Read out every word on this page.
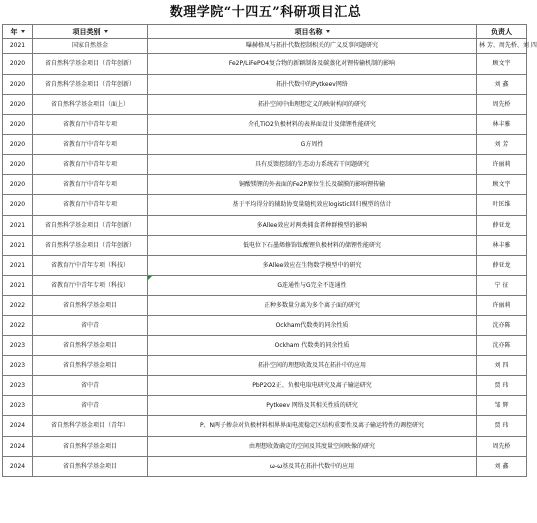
数理学院“十四五”科研项目汇总
年	项目类别	项目名称	负责人
2021	国家自然基金	曝赫格凤与拓扑代数控制相关的广义反事问题研究	林 芳、周先桥、刘 四
2020	省自然科学基金项目（青年创新）	Fe2P/LiFePO4复合物的新颖制备及碳蒸化对锂传输机制的影响	顾文宇
2020	省自然科学基金项目（青年创新）	拓扑代数中的Pytkeev网络	刘 鑫
2020	省自然科学基金项目（面上）	拓扑空间中曲理想定义的映射构问的研究	周先桥
2020	省教育厅中青年专项	介孔TiO2负极材料的表界面设计及储锂性能研究	林丰雅
2020	省教育厅中青年专项	G方周性	刘 芳
2020	省教育厅中青年专项	具有反馈控制的生态动力系统若干问题研究	许丽莉
2020	省教育厅中青年专项	铜酸镁锂的外表面的Fe2P原位生长及碳膜的影响锂传输	顾文宇
2020	省教育厅中青年专项	基于平均得分的辅助协变量随机效应logistic回归模型的估计	叶匡维
2021	省自然科学基金项目（青年创新）	多Allee效应对两类捕食者种群模型的影响	薛亚龙
2021	省自然科学基金项目（青年创新）	低电位下石墨烯修饰钛酸锂负极材料的储锂性能研究	林丰雅
2021	省教育厅中青年专项（科技）	多Allee效应在生物数学模型中的研究	薛亚龙
2021	省教育厅中青年专项（科技）	G连通性与G完全不连通性	宁 征
2022	省自然科学基金项目	正种多数量分离为多个离子面的研究	许丽莉
2022	省中青	Ockham代数类的同余性质	沈亦陈
2023	省自然科学基金项目	Ockham 代数类的同余性质	沈亦陈
2023	省自然科学基金项目	拓扑空间的理想收敛及其在拓扑中的应用	刘 四
2023	省中青	PbP2O2正、负极电取电研究及离子输运研究	贾 玮
2023	省中青	Pytkeev 网络及其相关性质的研究	邹 辉
2024	省自然科学基金项目（青年）	P、N两子掺杂对负极材料相界界面电流稳定区结构重要性及离子输运特性的调控研究	贾 玮
2024	省自然科学基金项目	由理想收敛确定的空间及其度量空间映像的研究	周先桥
2024	省自然科学基金项目	ω-ω基及其在拓扑代数中的应用	刘 鑫
